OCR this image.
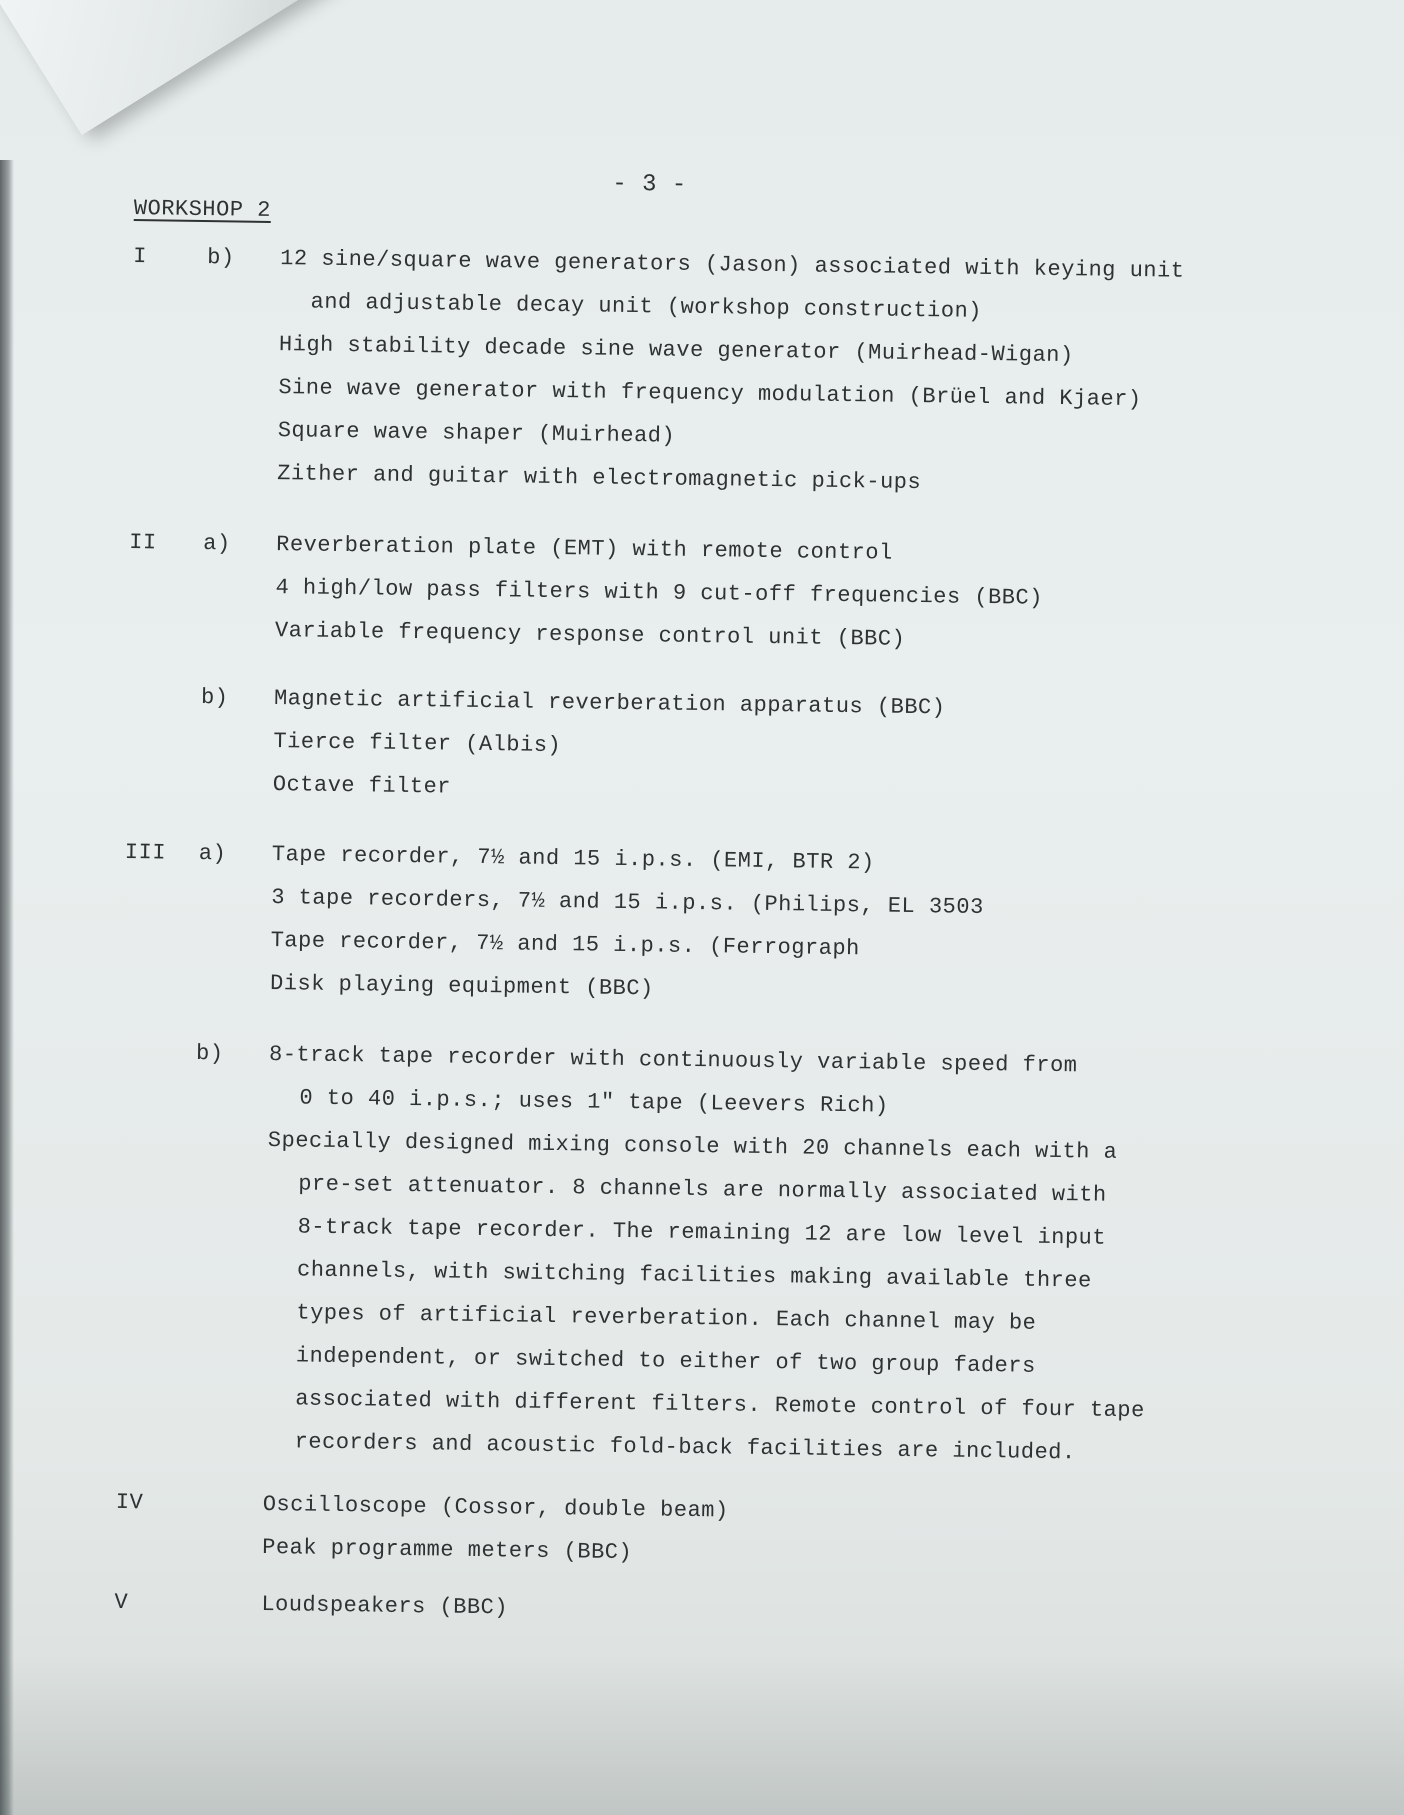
- 3 -
WORKSHOP 2
I	b) 12 sine/square wave generators (Jason) associated with keying unit
and adjustable decay unit (workshop construction)
High stability decade sine wave generator (Muirhead-Wigan)
Sine wave generator with frequency modulation (Brüel and Kjaer)
Square wave shaper (Muirhead)
Zither and guitar with electromagnetic pick-ups
II a) Reverberation plate (EMT) with remote control
4 high/low pass filters with 9 cut-off frequencies (BBC)
Variable frequency response control unit (BBC)
b) Magnetic artificial reverberation apparatus (BBC)
Tierce filter (Albis)
Octave filter
III a) Tape recorder, 7½ and 15 i.p.s. (EMI, BTR 2)
3 tape recorders, 7½ and 15 i.p.s. (Philips, EL 3503
Tape recorder, 7½ and 15 i.p.s. (Ferrograph
Disk playing equipment (BBC)
b) 8-track tape recorder with continuously variable speed from
0 to 40 i.p.s.; uses 1" tape (Leevers Rich)
Specially designed mixing console with 20 channels each with a
pre-set attenuator. 8 channels are normally associated with
8-track tape recorder. The remaining 12 are low level input
channels, with switching facilities making available three
types of artificial reverberation. Each channel may be
independent, or switched to either of two group faders
associated with different filters. Remote control of four tape
recorders and acoustic fold-back facilities are included.
IV	Oscilloscope (Cossor, double beam)
Peak programme meters (BBC)
V	Loudspeakers (BBC)
